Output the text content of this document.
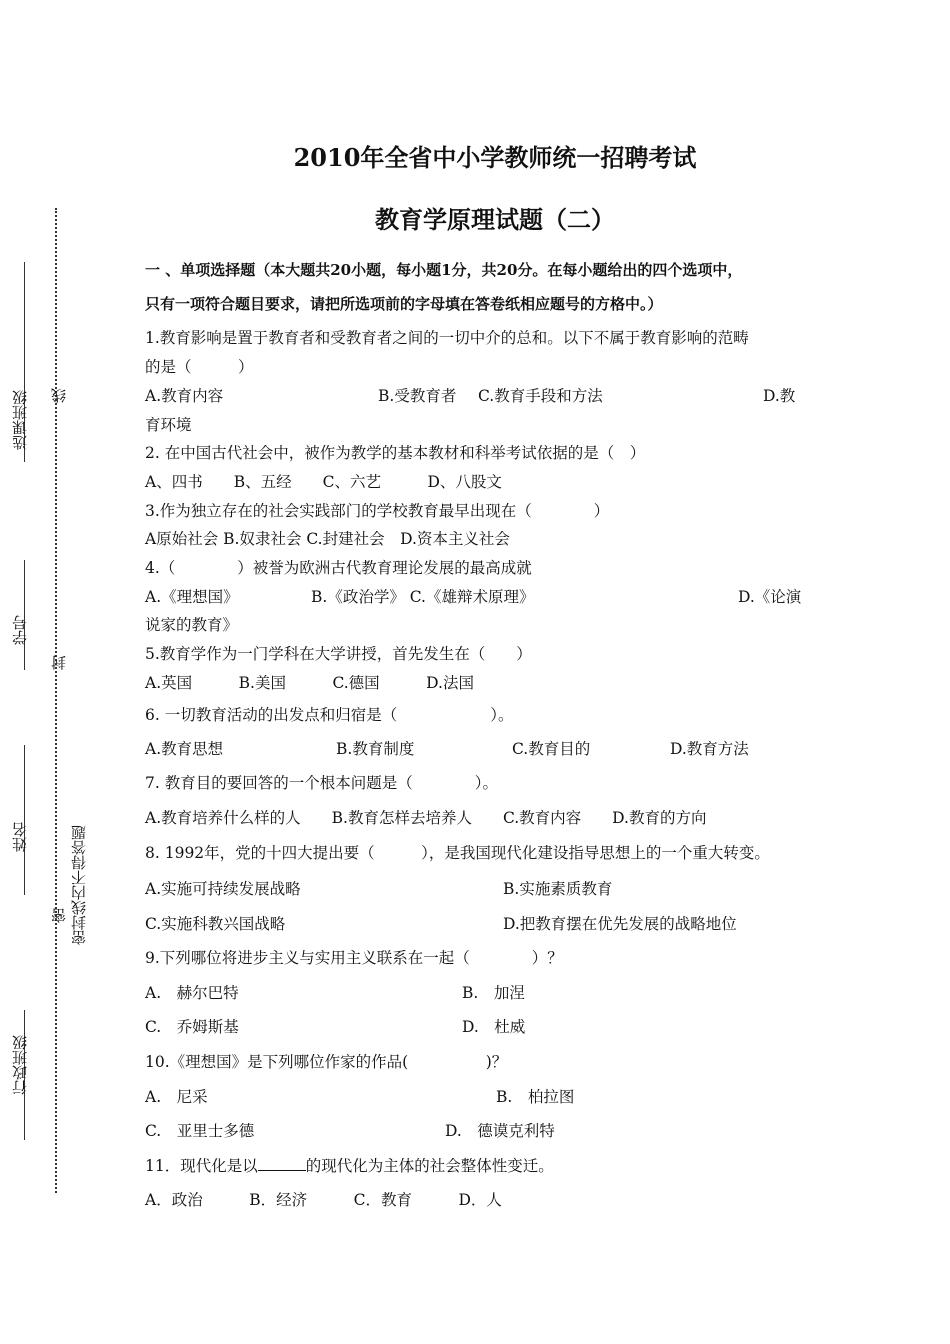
选课班级
学号
姓名
行政班级
线
封
密 密封线内不得答题
2010年全省中小学教师统一招聘考试
教育学原理试题（二）
一 、单项选择题（本大题共20小题，每小题1分，共20分。在每小题给出的四个选项中，
只有一项符合题目要求，请把所选项前的字母填在答卷纸相应题号的方格中。）
1.教育影响是置于教育者和受教育者之间的一切中介的总和。以下不属于教育影响的范畴
的是（　　　）
A.教育内容	B.受教育者 C.教育手段和方法	D.教
育环境
2. 在中国古代社会中，被作为教学的基本教材和科举考试依据的是（　）
A、四书　　B、五经　　C、六艺　　　D、八股文
3.作为独立存在的社会实践部门的学校教育最早出现在（　　　　）
A原始社会 B.奴隶社会 C.封建社会　D.资本主义社会
4.（　　　　）被誉为欧洲古代教育理论发展的最高成就
A.《理想国》	B.《政治学》 C.《雄辩术原理》	D.《论演
说家的教育》
5.教育学作为一门学科在大学讲授，首先发生在（　　）
A.英国　　　B.美国　　　C.德国　　　D.法国
6. 一切教育活动的出发点和归宿是（　　　　　　）。
A.教育思想	B.教育制度	C.教育目的	D.教育方法
7. 教育目的要回答的一个根本问题是（　　　　）。
A.教育培养什么样的人　　B.教育怎样去培养人　　C.教育内容　　D.教育的方向
8. 1992年，党的十四大提出要（　　　），是我国现代化建设指导思想上的一个重大转变。
A.实施可持续发展战略	B.实施素质教育
C.实施科教兴国战略	D.把教育摆在优先发展的战略地位
9.下列哪位将进步主义与实用主义联系在一起（　　　　）？
A.　赫尔巴特	B.　加涅
C.　乔姆斯基	D.　杜威
10.《理想国》是下列哪位作家的作品(　　　　　)？
A.　尼采	B.　柏拉图
C.　亚里士多德	D.　德谟克利特
11．现代化是以	的现代化为主体的社会整体性变迁。
A．政治　　　B．经济　　　C．教育　　　D．人
